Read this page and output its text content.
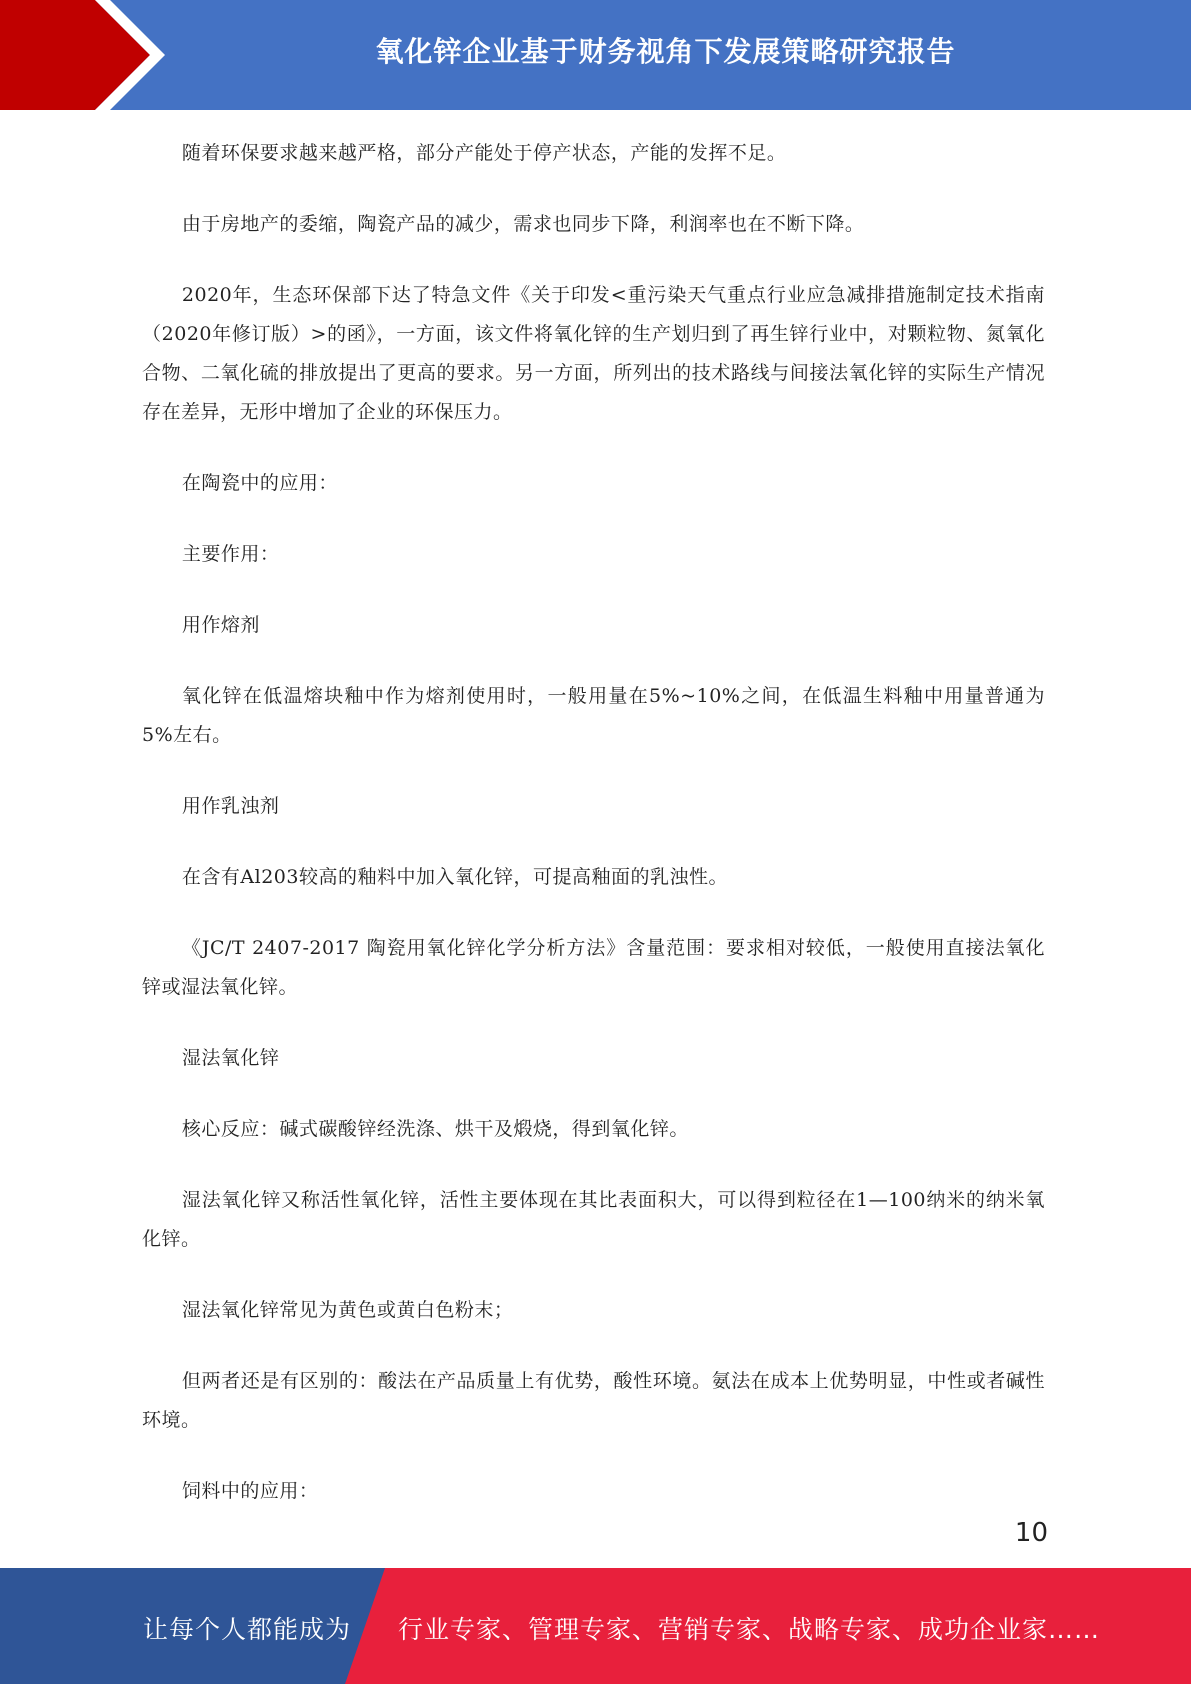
氧化锌企业基于财务视角下发展策略研究报告

随着环保要求越来越严格，部分产能处于停产状态，产能的发挥不足。

由于房地产的委缩，陶瓷产品的减少，需求也同步下降，利润率也在不断下降。

2020年，生态环保部下达了特急文件《关于印发<重污染天气重点行业应急减排措施制定技术指南（2020年修订版）>的函》，一方面，该文件将氧化锌的生产划归到了再生锌行业中，对颗粒物、氮氧化合物、二氧化硫的排放提出了更高的要求。另一方面，所列出的技术路线与间接法氧化锌的实际生产情况存在差异，无形中增加了企业的环保压力。

在陶瓷中的应用：

主要作用：

用作熔剂

氧化锌在低温熔块釉中作为熔剂使用时，一般用量在5%~10%之间，在低温生料釉中用量普通为5%左右。

用作乳浊剂

在含有Al203较高的釉料中加入氧化锌，可提高釉面的乳浊性。

《JC/T 2407-2017 陶瓷用氧化锌化学分析方法》含量范围：要求相对较低，一般使用直接法氧化锌或湿法氧化锌。

湿法氧化锌

核心反应：碱式碳酸锌经洗涤、烘干及煅烧，得到氧化锌。

湿法氧化锌又称活性氧化锌，活性主要体现在其比表面积大，可以得到粒径在1—100纳米的纳米氧化锌。

湿法氧化锌常见为黄色或黄白色粉末；

但两者还是有区别的：酸法在产品质量上有优势，酸性环境。氨法在成本上优势明显，中性或者碱性环境。

饲料中的应用：

10
让每个人都能成为 行业专家、管理专家、营销专家、战略专家、成功企业家……
